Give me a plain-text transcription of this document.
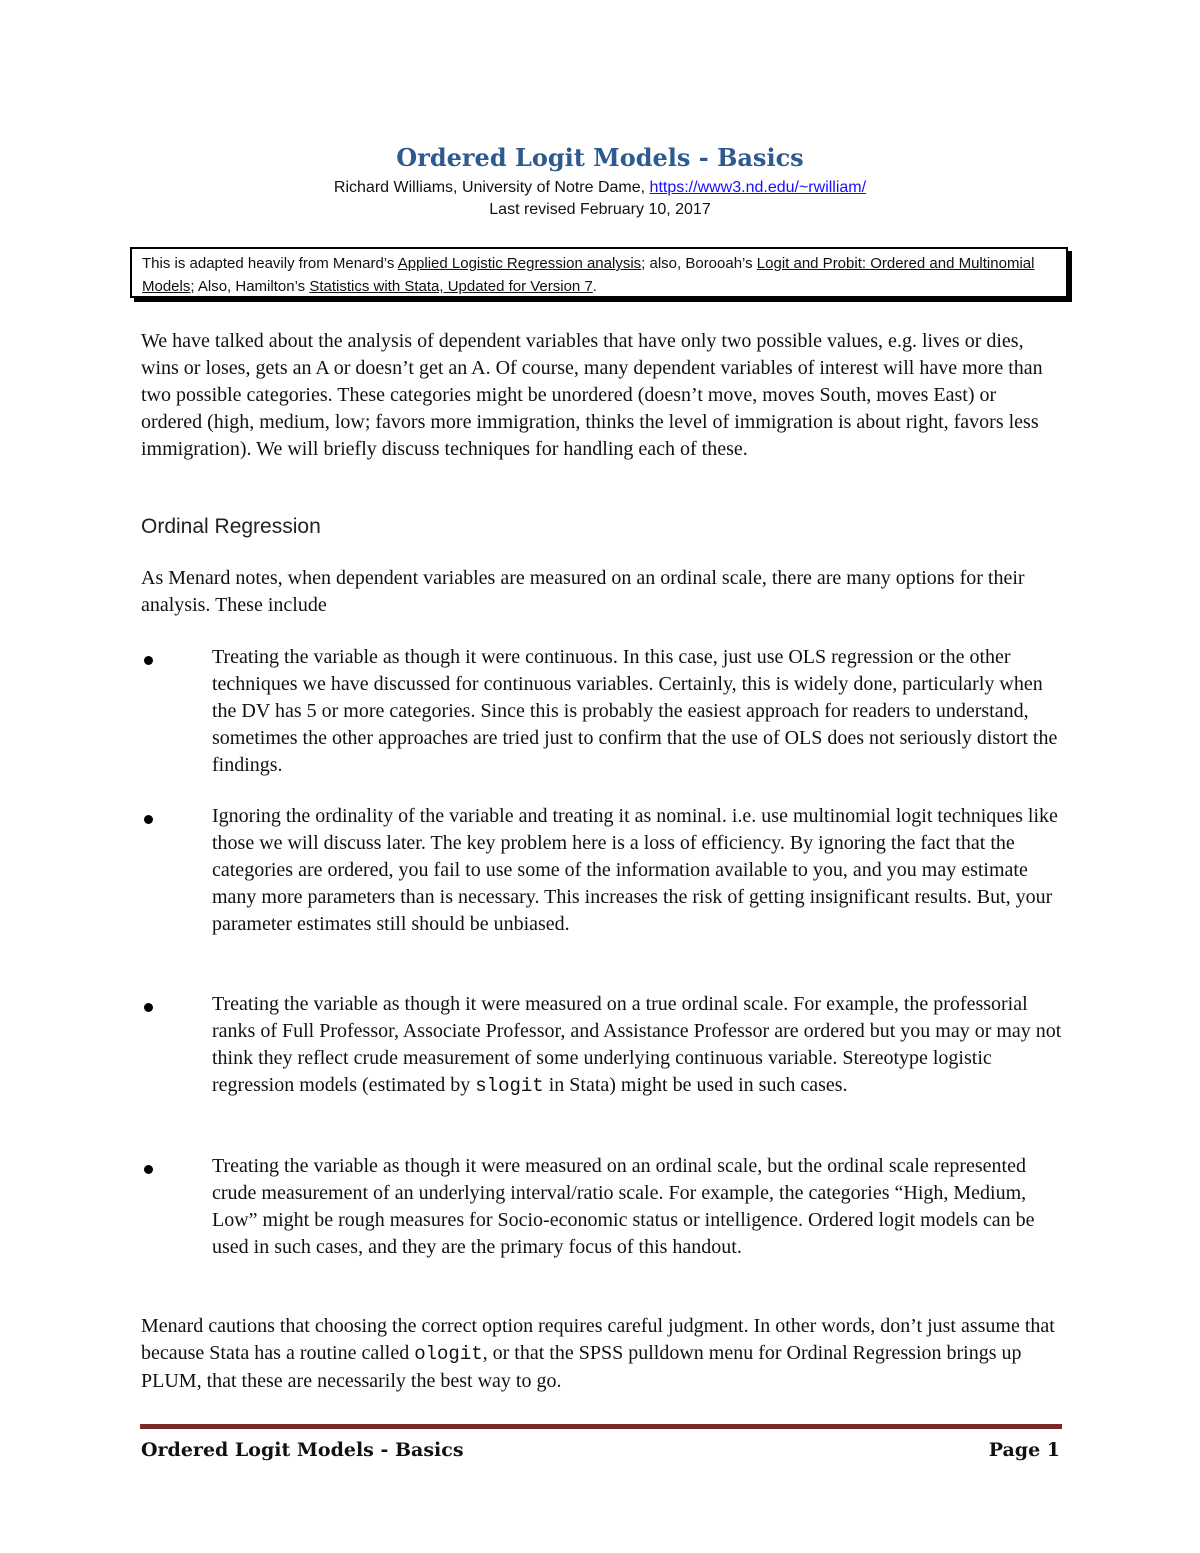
Ordered Logit Models - Basics
Richard Williams, University of Notre Dame, https://www3.nd.edu/~rwilliam/
Last revised February 10, 2017
This is adapted heavily from Menard’s Applied Logistic Regression analysis; also, Borooah’s Logit and Probit: Ordered and Multinomial Models; Also, Hamilton’s Statistics with Stata, Updated for Version 7.
We have talked about the analysis of dependent variables that have only two possible values, e.g. lives or dies, wins or loses, gets an A or doesn’t get an A. Of course, many dependent variables of interest will have more than two possible categories. These categories might be unordered (doesn’t move, moves South, moves East) or ordered (high, medium, low; favors more immigration, thinks the level of immigration is about right, favors less immigration). We will briefly discuss techniques for handling each of these.
Ordinal Regression
As Menard notes, when dependent variables are measured on an ordinal scale, there are many options for their analysis. These include
Treating the variable as though it were continuous. In this case, just use OLS regression or the other techniques we have discussed for continuous variables. Certainly, this is widely done, particularly when the DV has 5 or more categories. Since this is probably the easiest approach for readers to understand, sometimes the other approaches are tried just to confirm that the use of OLS does not seriously distort the findings.
Ignoring the ordinality of the variable and treating it as nominal. i.e. use multinomial logit techniques like those we will discuss later. The key problem here is a loss of efficiency. By ignoring the fact that the categories are ordered, you fail to use some of the information available to you, and you may estimate many more parameters than is necessary. This increases the risk of getting insignificant results. But, your parameter estimates still should be unbiased.
Treating the variable as though it were measured on a true ordinal scale. For example, the professorial ranks of Full Professor, Associate Professor, and Assistance Professor are ordered but you may or may not think they reflect crude measurement of some underlying continuous variable. Stereotype logistic regression models (estimated by slogit in Stata) might be used in such cases.
Treating the variable as though it were measured on an ordinal scale, but the ordinal scale represented crude measurement of an underlying interval/ratio scale. For example, the categories “High, Medium, Low” might be rough measures for Socio-economic status or intelligence. Ordered logit models can be used in such cases, and they are the primary focus of this handout.
Menard cautions that choosing the correct option requires careful judgment. In other words, don’t just assume that because Stata has a routine called ologit, or that the SPSS pulldown menu for Ordinal Regression brings up PLUM, that these are necessarily the best way to go.
Ordered Logit Models - Basics	Page 1
